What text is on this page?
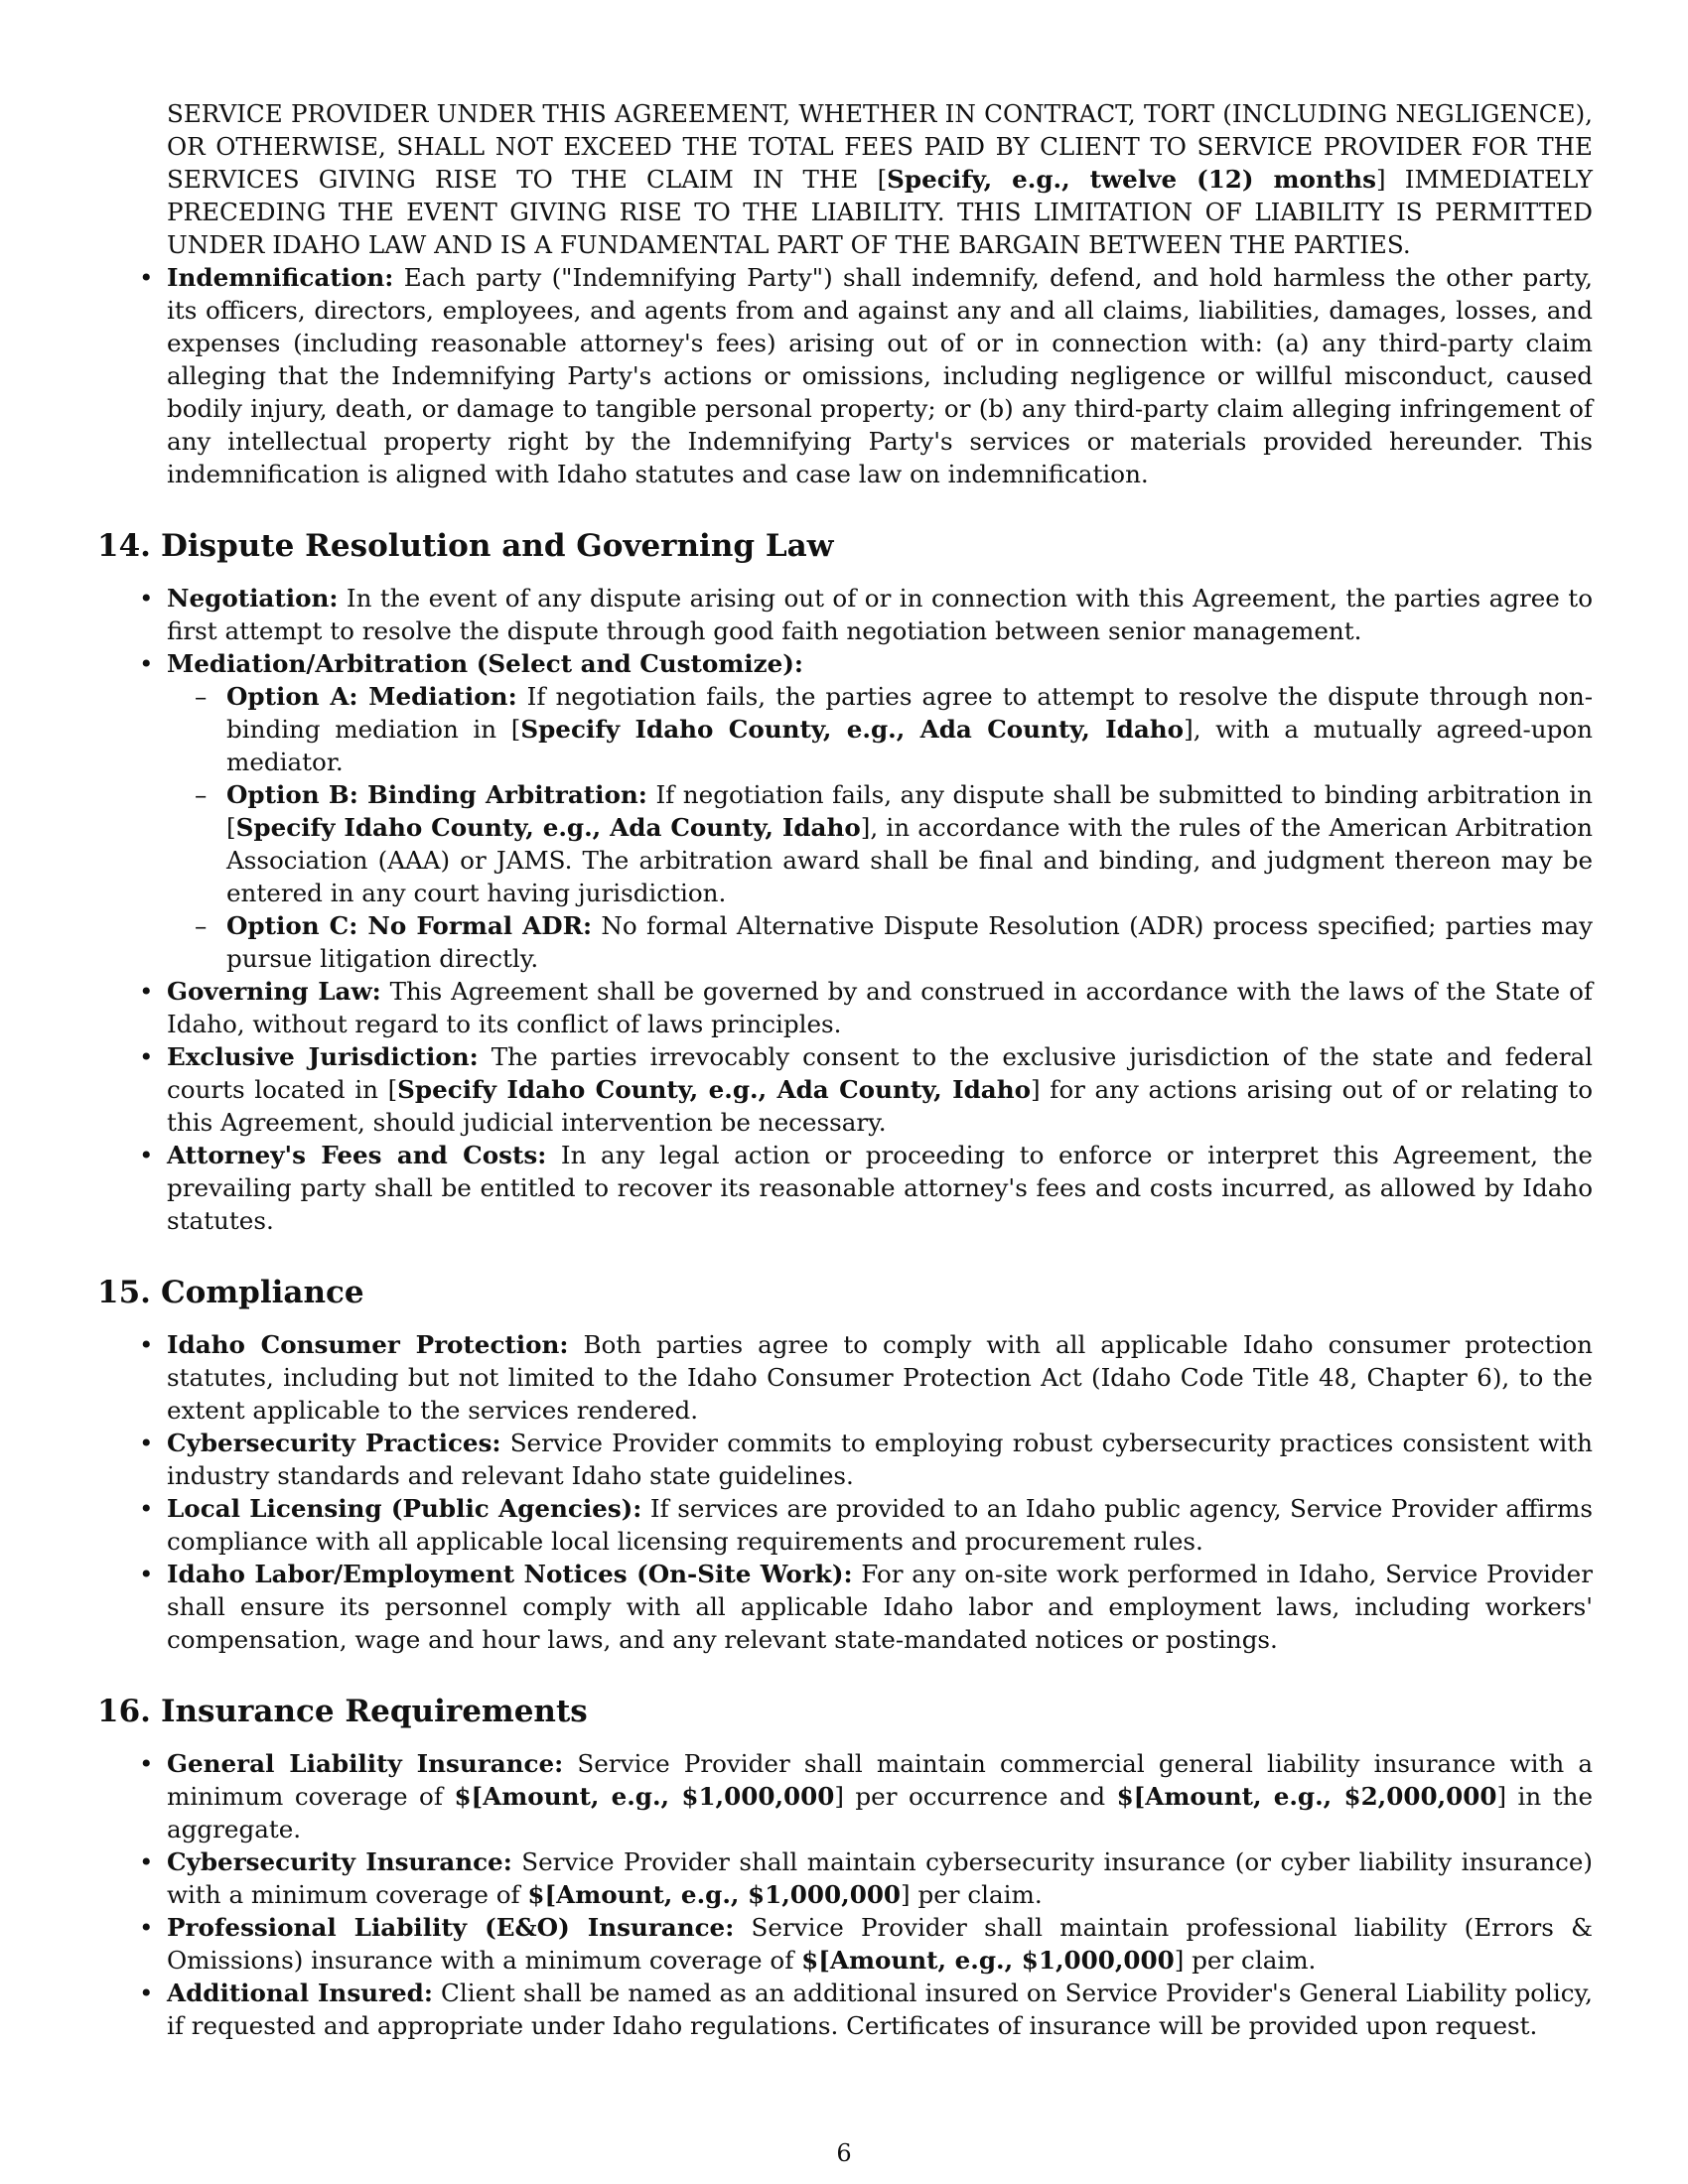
SERVICE PROVIDER UNDER THIS AGREEMENT, WHETHER IN CONTRACT, TORT (INCLUDING NEGLIGENCE), OR OTHERWISE, SHALL NOT EXCEED THE TOTAL FEES PAID BY CLIENT TO SERVICE PROVIDER FOR THE SERVICES GIVING RISE TO THE CLAIM IN THE [Specify, e.g., twelve (12) months] IMMEDIATELY PRECEDING THE EVENT GIVING RISE TO THE LIABILITY. THIS LIMITATION OF LIABILITY IS PERMITTED UNDER IDAHO LAW AND IS A FUNDAMENTAL PART OF THE BARGAIN BETWEEN THE PARTIES.
• Indemnification: Each party ("Indemnifying Party") shall indemnify, defend, and hold harmless the other party, its officers, directors, employees, and agents from and against any and all claims, liabilities, damages, losses, and expenses (including reasonable attorney's fees) arising out of or in connection with: (a) any third-party claim alleging that the Indemnifying Party's actions or omissions, including negligence or willful misconduct, caused bodily injury, death, or damage to tangible personal property; or (b) any third-party claim alleging infringement of any intellectual property right by the Indemnifying Party's services or materials provided hereunder. This indemnification is aligned with Idaho statutes and case law on indemnification.
14. Dispute Resolution and Governing Law
• Negotiation: In the event of any dispute arising out of or in connection with this Agreement, the parties agree to first attempt to resolve the dispute through good faith negotiation between senior management.
• Mediation/Arbitration (Select and Customize):
– Option A: Mediation: If negotiation fails, the parties agree to attempt to resolve the dispute through non-binding mediation in [Specify Idaho County, e.g., Ada County, Idaho], with a mutually agreed-upon mediator.
– Option B: Binding Arbitration: If negotiation fails, any dispute shall be submitted to binding arbitration in [Specify Idaho County, e.g., Ada County, Idaho], in accordance with the rules of the American Arbitration Association (AAA) or JAMS. The arbitration award shall be final and binding, and judgment thereon may be entered in any court having jurisdiction.
– Option C: No Formal ADR: No formal Alternative Dispute Resolution (ADR) process specified; parties may pursue litigation directly.
• Governing Law: This Agreement shall be governed by and construed in accordance with the laws of the State of Idaho, without regard to its conflict of laws principles.
• Exclusive Jurisdiction: The parties irrevocably consent to the exclusive jurisdiction of the state and federal courts located in [Specify Idaho County, e.g., Ada County, Idaho] for any actions arising out of or relating to this Agreement, should judicial intervention be necessary.
• Attorney's Fees and Costs: In any legal action or proceeding to enforce or interpret this Agreement, the prevailing party shall be entitled to recover its reasonable attorney's fees and costs incurred, as allowed by Idaho statutes.
15. Compliance
• Idaho Consumer Protection: Both parties agree to comply with all applicable Idaho consumer protection statutes, including but not limited to the Idaho Consumer Protection Act (Idaho Code Title 48, Chapter 6), to the extent applicable to the services rendered.
• Cybersecurity Practices: Service Provider commits to employing robust cybersecurity practices consistent with industry standards and relevant Idaho state guidelines.
• Local Licensing (Public Agencies): If services are provided to an Idaho public agency, Service Provider affirms compliance with all applicable local licensing requirements and procurement rules.
• Idaho Labor/Employment Notices (On-Site Work): For any on-site work performed in Idaho, Service Provider shall ensure its personnel comply with all applicable Idaho labor and employment laws, including workers' compensation, wage and hour laws, and any relevant state-mandated notices or postings.
16. Insurance Requirements
• General Liability Insurance: Service Provider shall maintain commercial general liability insurance with a minimum coverage of $[Amount, e.g., $1,000,000] per occurrence and $[Amount, e.g., $2,000,000] in the aggregate.
• Cybersecurity Insurance: Service Provider shall maintain cybersecurity insurance (or cyber liability insurance) with a minimum coverage of $[Amount, e.g., $1,000,000] per claim.
• Professional Liability (E&O) Insurance: Service Provider shall maintain professional liability (Errors & Omissions) insurance with a minimum coverage of $[Amount, e.g., $1,000,000] per claim.
• Additional Insured: Client shall be named as an additional insured on Service Provider's General Liability policy, if requested and appropriate under Idaho regulations. Certificates of insurance will be provided upon request.
6
